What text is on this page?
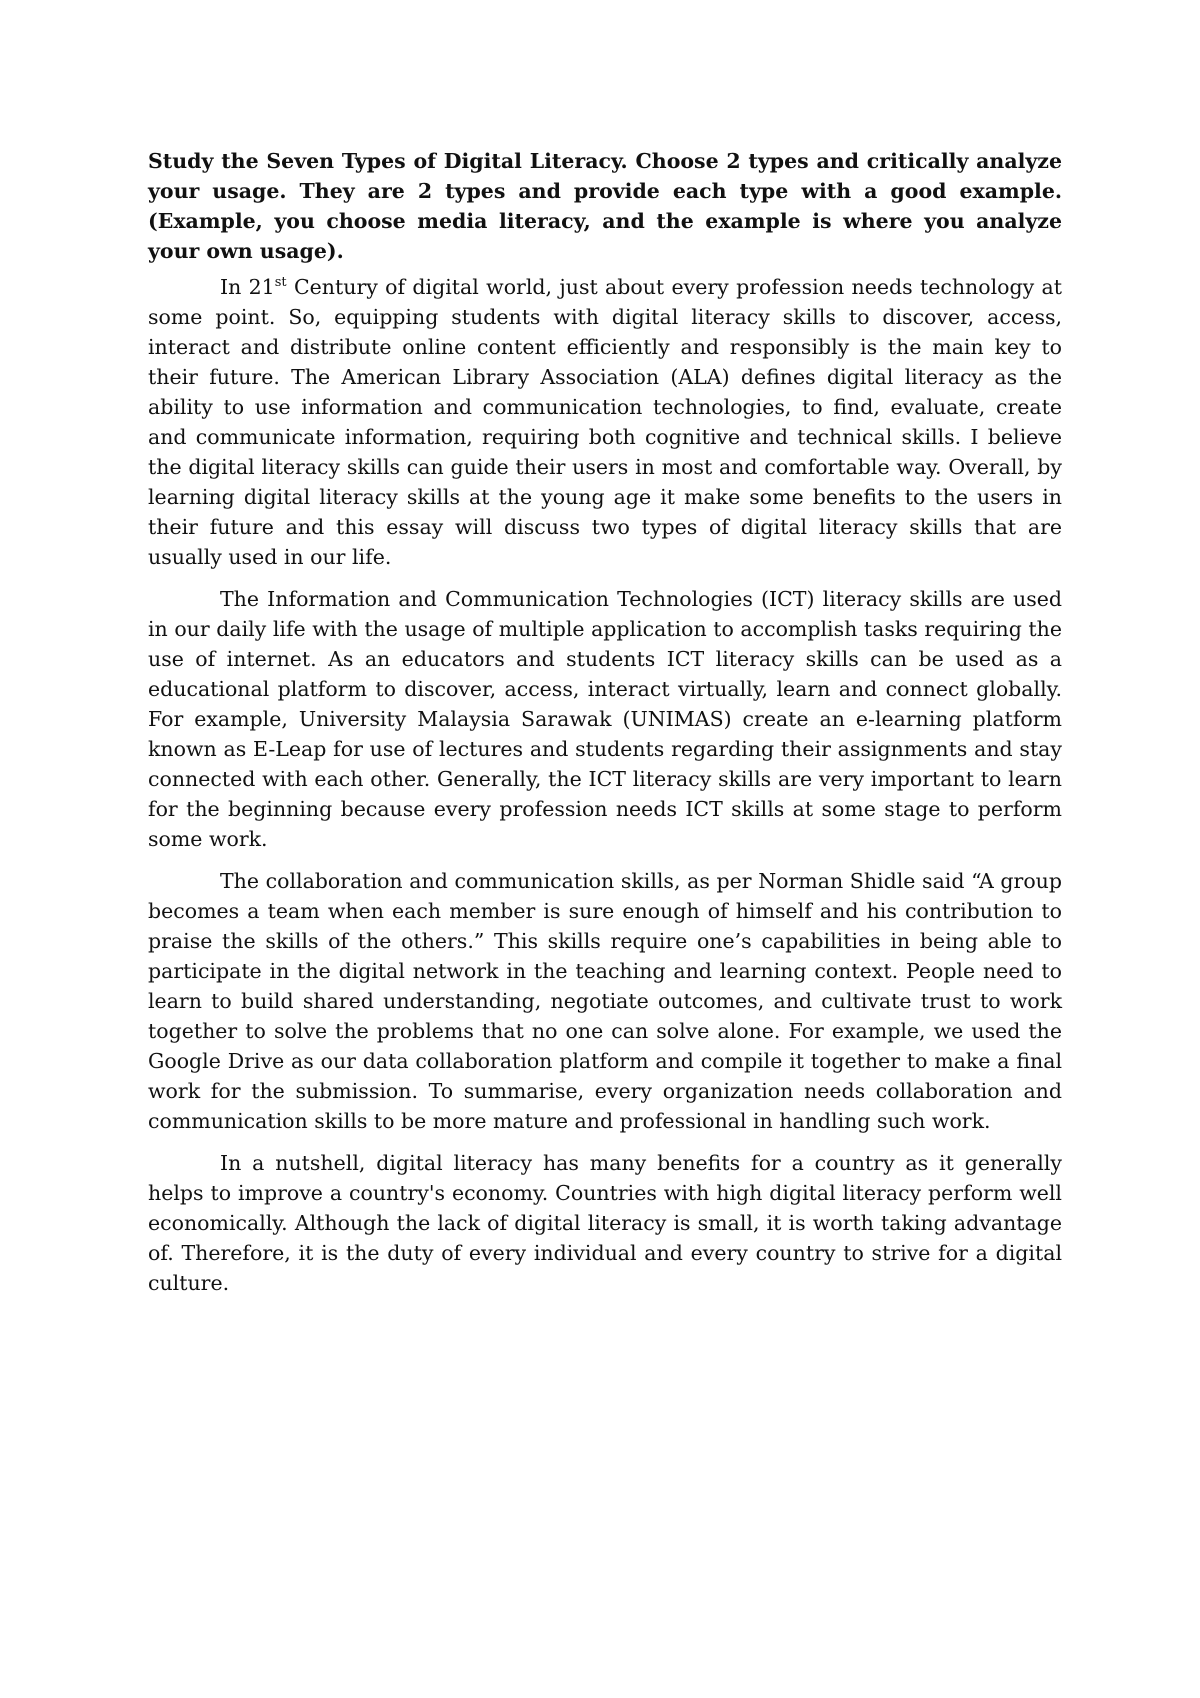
Study the Seven Types of Digital Literacy. Choose 2 types and critically analyze your usage. They are 2 types and provide each type with a good example. (Example, you choose media literacy, and the example is where you analyze your own usage).

In 21st Century of digital world, just about every profession needs technology at some point. So, equipping students with digital literacy skills to discover, access, interact and distribute online content efficiently and responsibly is the main key to their future. The American Library Association (ALA) defines digital literacy as the ability to use information and communication technologies, to find, evaluate, create and communicate information, requiring both cognitive and technical skills. I believe the digital literacy skills can guide their users in most and comfortable way. Overall, by learning digital literacy skills at the young age it make some benefits to the users in their future and this essay will discuss two types of digital literacy skills that are usually used in our life.

The Information and Communication Technologies (ICT) literacy skills are used in our daily life with the usage of multiple application to accomplish tasks requiring the use of internet. As an educators and students ICT literacy skills can be used as a educational platform to discover, access, interact virtually, learn and connect globally. For example, University Malaysia Sarawak (UNIMAS) create an e-learning platform known as E-Leap for use of lectures and students regarding their assignments and stay connected with each other. Generally, the ICT literacy skills are very important to learn for the beginning because every profession needs ICT skills at some stage to perform some work.

The collaboration and communication skills, as per Norman Shidle said “A group becomes a team when each member is sure enough of himself and his contribution to praise the skills of the others.” This skills require one’s capabilities in being able to participate in the digital network in the teaching and learning context. People need to learn to build shared understanding, negotiate outcomes, and cultivate trust to work together to solve the problems that no one can solve alone. For example, we used the Google Drive as our data collaboration platform and compile it together to make a final work for the submission. To summarise, every organization needs collaboration and communication skills to be more mature and professional in handling such work.

In a nutshell, digital literacy has many benefits for a country as it generally helps to improve a country's economy. Countries with high digital literacy perform well economically. Although the lack of digital literacy is small, it is worth taking advantage of. Therefore, it is the duty of every individual and every country to strive for a digital culture.
